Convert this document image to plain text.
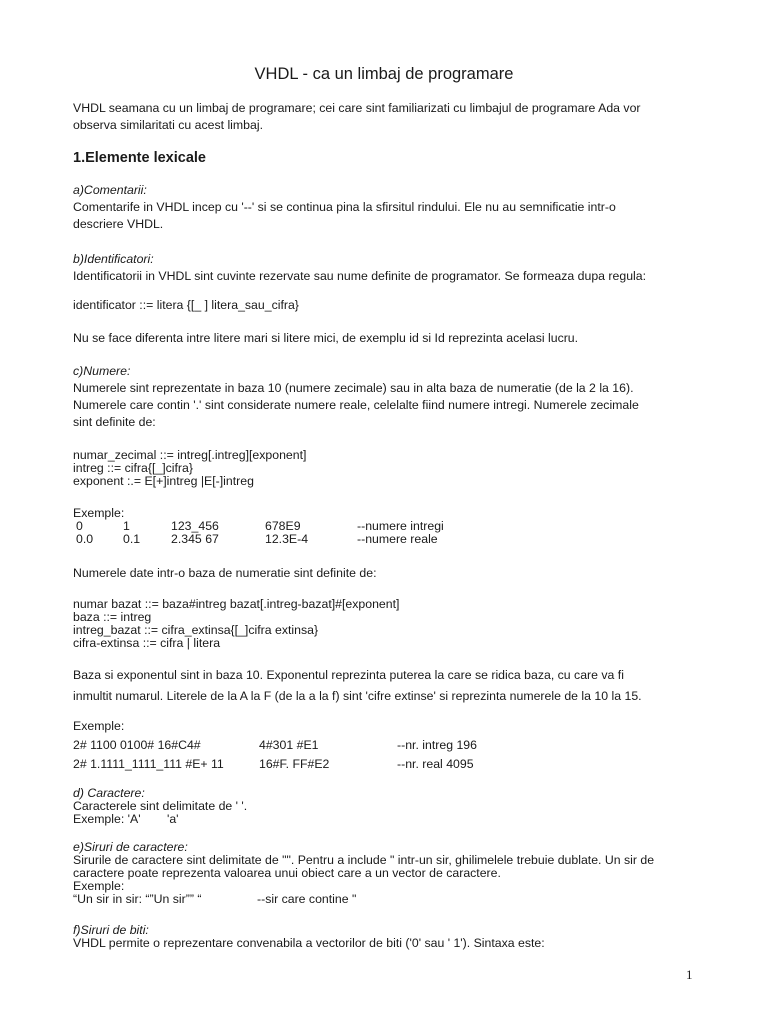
VHDL - ca un limbaj de programare
VHDL seamana cu un limbaj de programare; cei care sint familiarizati cu limbajul de programare Ada vor
observa similaritati cu acest limbaj.
1.Elemente lexicale
a)Comentarii:
Comentarife in VHDL incep cu '--' si se continua pina la sfirsitul rindului. Ele nu au semnificatie intr-o
descriere VHDL.
b)Identificatori:
Identificatorii in VHDL sint cuvinte rezervate sau nume definite de programator. Se formeaza dupa regula:
identificator ::= litera {[_ ] litera_sau_cifra}
Nu se face diferenta intre litere mari si litere mici, de exemplu id si Id reprezinta acelasi lucru.
c)Numere:
Numerele sint reprezentate in baza 10 (numere zecimale) sau in alta baza de numeratie (de la 2 la 16).
Numerele care contin '.' sint considerate numere reale, celelalte fiind numere intregi. Numerele zecimale
sint definite de:
numar_zecimal ::= intreg[.intreg][exponent]
intreg ::= cifra{[_]cifra}
exponent :.= E[+]intreg |E[-]intreg
Exemple:
0	1	123_456	678E9	--numere intregi
0.0	0.1	2.345 67	12.3E-4	--numere reale
Numerele date intr-o baza de numeratie sint definite de:
numar bazat ::= baza#intreg bazat[.intreg-bazat]#[exponent]
baza ::= intreg
intreg_bazat ::= cifra_extinsa{[_]cifra extinsa}
cifra-extinsa ::= cifra | litera
Baza si exponentul sint in baza 10. Exponentul reprezinta puterea la care se ridica baza, cu care va fi
inmultit numarul. Literele de la A la F (de la a la f) sint 'cifre extinse' si reprezinta numerele de la 10 la 15.
Exemple:
2# 1100 0100# 16#C4#	4#301 #E1	--nr. intreg 196
2# 1.1111_1111_111 #E+ 11	16#F. FF#E2	--nr. real 4095
d) Caractere:
Caracterele sint delimitate de ' '.
Exemple: 'A'	'a'
e)Siruri de caractere:
Sirurile de caractere sint delimitate de "". Pentru a include " intr-un sir, ghilimelele trebuie dublate. Un sir de
caractere poate reprezenta valoarea unui obiect care a un vector de caractere.
Exemple:
“Un sir in sir: “”Un sir”” “	--sir care contine "
f)Siruri de biti:
VHDL permite o reprezentare convenabila a vectorilor de biti ('0' sau ' 1'). Sintaxa este:
1
